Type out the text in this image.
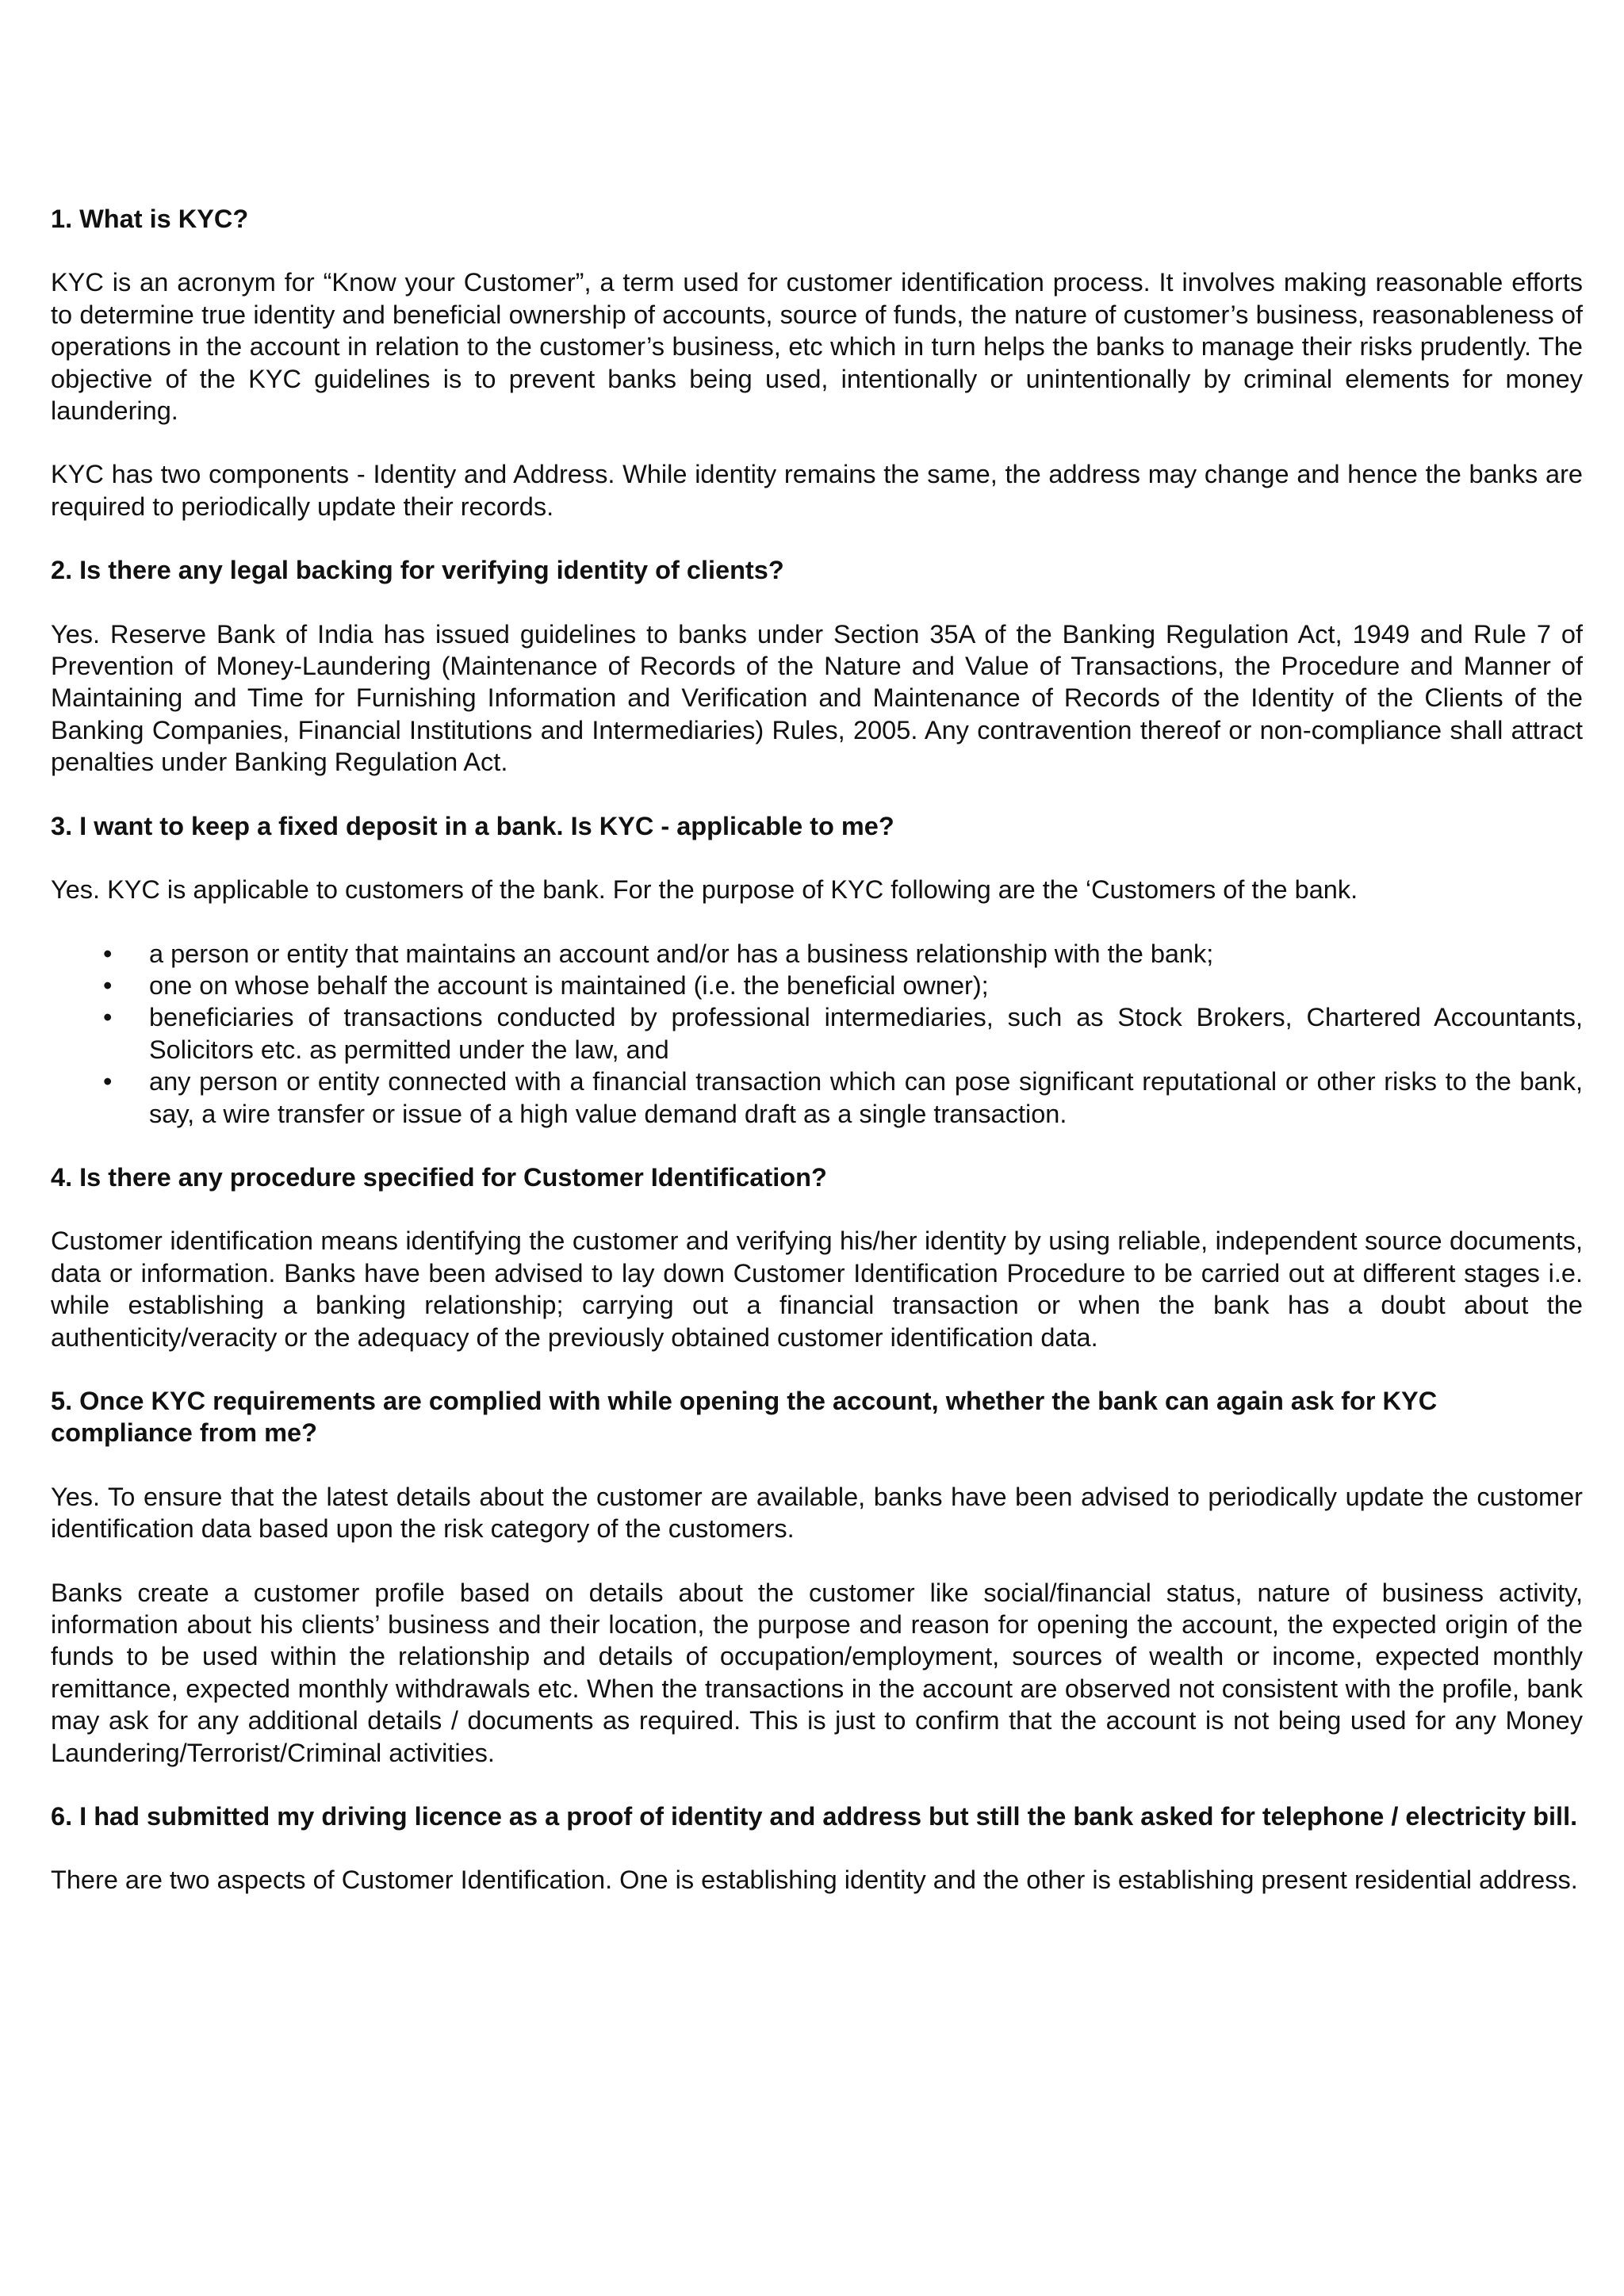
1. What is KYC?
KYC is an acronym for “Know your Customer”, a term used for customer identification process. It involves making reasonable efforts to determine true identity and beneficial ownership of accounts, source of funds, the nature of customer’s business, reasonableness of operations in the account in relation to the customer’s business, etc which in turn helps the banks to manage their risks prudently. The objective of the KYC guidelines is to prevent banks being used, intentionally or unintentionally by criminal elements for money laundering.
KYC has two components - Identity and Address. While identity remains the same, the address may change and hence the banks are required to periodically update their records.
2. Is there any legal backing for verifying identity of clients?
Yes. Reserve Bank of India has issued guidelines to banks under Section 35A of the Banking Regulation Act, 1949 and Rule 7 of Prevention of Money-Laundering (Maintenance of Records of the Nature and Value of Transactions, the Procedure and Manner of Maintaining and Time for Furnishing Information and Verification and Maintenance of Records of the Identity of the Clients of the Banking Companies, Financial Institutions and Intermediaries) Rules, 2005. Any contravention thereof or non-compliance shall attract penalties under Banking Regulation Act.
3. I want to keep a fixed deposit in a bank. Is KYC - applicable to me?
Yes. KYC is applicable to customers of the bank. For the purpose of KYC following are the ‘Customers of the bank.
• a person or entity that maintains an account and/or has a business relationship with the bank;
• one on whose behalf the account is maintained (i.e. the beneficial owner);
• beneficiaries of transactions conducted by professional intermediaries, such as Stock Brokers, Chartered Accountants, Solicitors etc. as permitted under the law, and
• any person or entity connected with a financial transaction which can pose significant reputational or other risks to the bank, say, a wire transfer or issue of a high value demand draft as a single transaction.
4. Is there any procedure specified for Customer Identification?
Customer identification means identifying the customer and verifying his/her identity by using reliable, independent source documents, data or information. Banks have been advised to lay down Customer Identification Procedure to be carried out at different stages i.e. while establishing a banking relationship; carrying out a financial transaction or when the bank has a doubt about the authenticity/veracity or the adequacy of the previously obtained customer identification data.
5. Once KYC requirements are complied with while opening the account, whether the bank can again ask for KYC compliance from me?
Yes. To ensure that the latest details about the customer are available, banks have been advised to periodically update the customer identification data based upon the risk category of the customers.
Banks create a customer profile based on details about the customer like social/financial status, nature of business activity, information about his clients’ business and their location, the purpose and reason for opening the account, the expected origin of the funds to be used within the relationship and details of occupation/employment, sources of wealth or income, expected monthly remittance, expected monthly withdrawals etc. When the transactions in the account are observed not consistent with the profile, bank may ask for any additional details / documents as required. This is just to confirm that the account is not being used for any Money Laundering/Terrorist/Criminal activities.
6. I had submitted my driving licence as a proof of identity and address but still the bank asked for telephone / electricity bill.
There are two aspects of Customer Identification. One is establishing identity and the other is establishing present residential address.
